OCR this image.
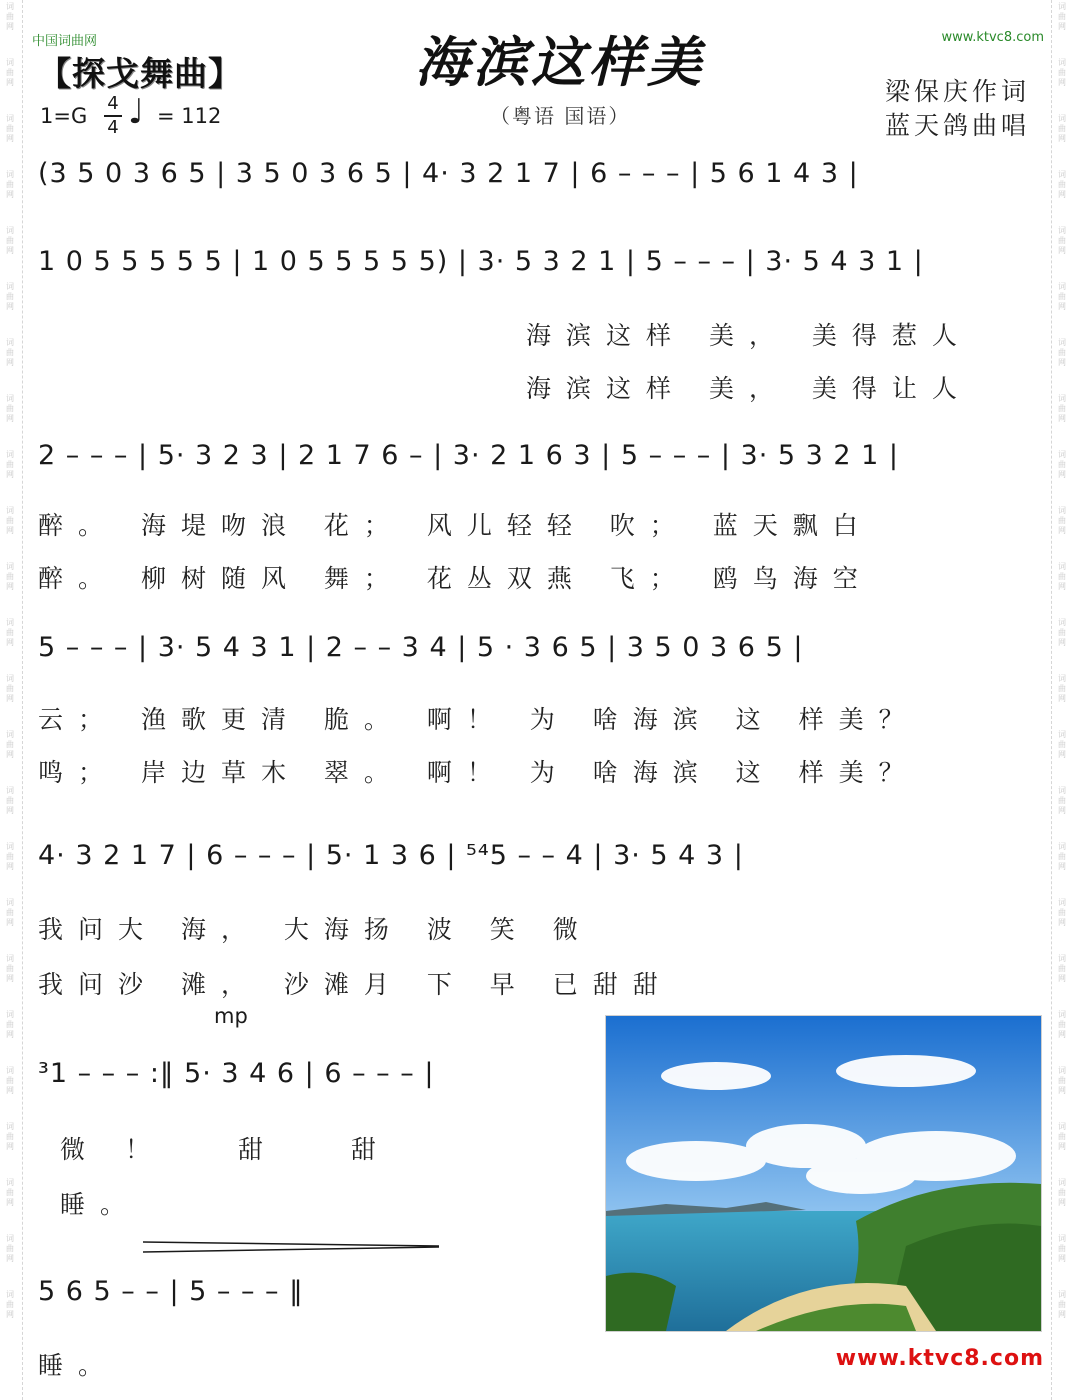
词
曲
网
词
曲
网
词
曲
网
词
曲
网
词
曲
网
词
曲
网
词
曲
网
词
曲
网
词
曲
网
词
曲
网
词
曲
网
词
曲
网
词
曲
网
词
曲
网
词
曲
网
词
曲
网
词
曲
网
词
曲
网
词
曲
网
词
曲
网
词
曲
网
词
曲
网
词
曲
网
词
曲
网
词
曲
网
词
曲
网
词
曲
网
词
曲
网
词
曲
网
词
曲
网
词
曲
网
词
曲
网
词
曲
网
词
曲
网
词
曲
网
词
曲
网
词
曲
网
词
曲
网
词
曲
网
词
曲
网
词
曲
网
词
曲
网
词
曲
网
词
曲
网
词
曲
网
词
曲
网
词
曲
网
词
曲
网
中国词曲网	www.ktvc8.com
【探戈舞曲】	海滨这样美
（粤语 国语）
梁保庆作词
蓝天鸽曲唱
1=G
4
4 ♩ = 112
(3 5 0 3 6 5 | 3 5 0 3 6 5 | 4· 3 2 1 7 | 6 – – – | 5 6 1 4 3 |
1 0 5 5 5 5 5 | 1 0 5 5 5 5 5) | 3· 5 3 2 1 | 5 – – – | 3· 5 4 3 1 |
海滨这样 美， 美得惹人
海滨这样 美， 美得让人
2 – – – | 5· 3 2 3 | 2 1 7 6 – | 3· 2 1 6 3 | 5 – – – | 3· 5 3 2 1 |
醉。 海堤吻浪 花； 风儿轻轻 吹； 蓝天飘白
醉。 柳树随风 舞； 花丛双燕 飞； 鸥鸟海空
5 – – – | 3· 5 4 3 1 | 2 – – 3 4 | 5 · 3 6 5 | 3 5 0 3 6 5 |
云； 渔歌更清 脆。 啊！ 为 啥海滨 这 样美？
鸣； 岸边草木 翠。 啊！ 为 啥海滨 这 样美？
4· 3 2 1 7 | 6 – – – | 5· 1 3 6 | ⁵⁴5 – – 4 | 3· 5 4 3 |
我问大 海， 大海扬 波 笑 微
我问沙 滩， 沙滩月 下 早 已甜甜
mp
³1 – – – :‖ 5· 3 4 6 | 6 – – – |
微！ 甜 甜
睡。
5 6 5 – – | 5 – – – ‖
睡。	www.ktvc8.com
